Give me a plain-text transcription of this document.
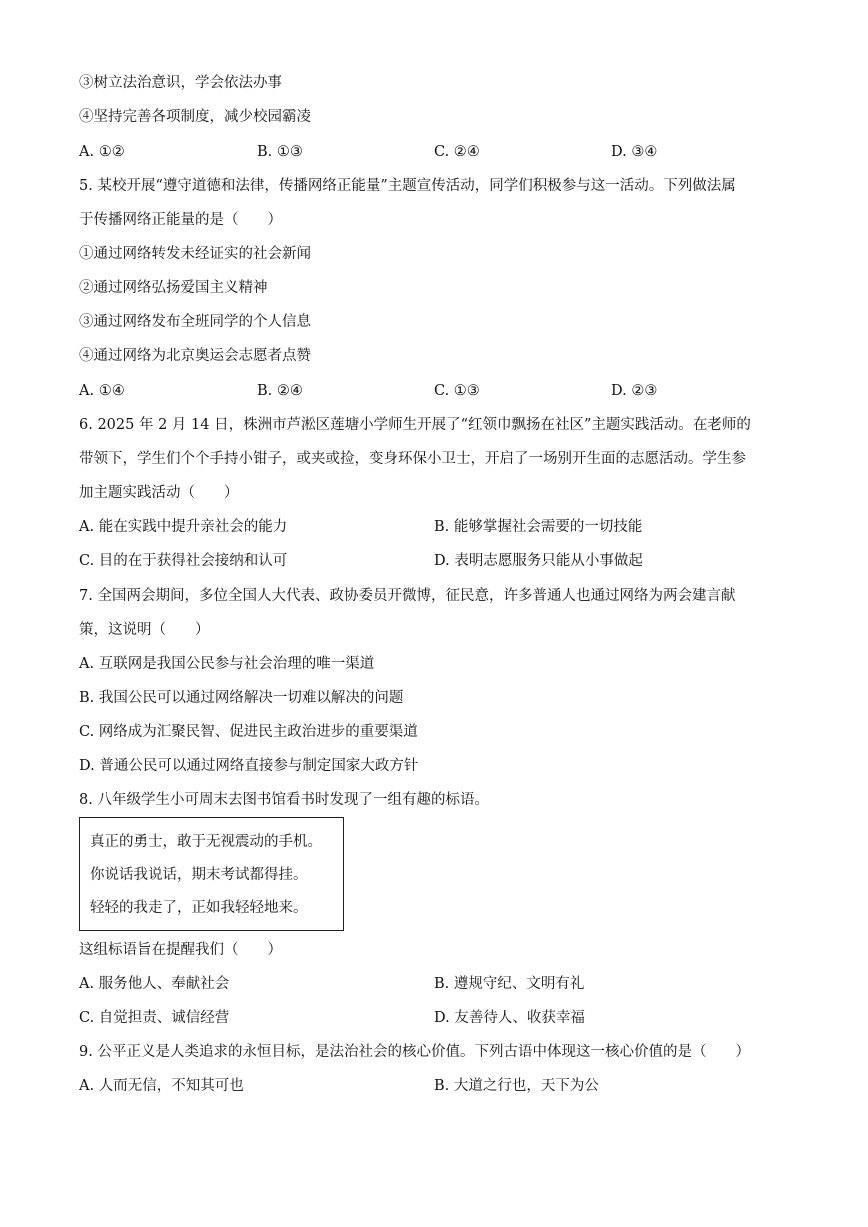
③树立法治意识，学会依法办事
④坚持完善各项制度，减少校园霸凌
A. ①②	B. ①③	C. ②④	D. ③④
5. 某校开展“遵守道德和法律，传播网络正能量”主题宣传活动，同学们积极参与这一活动。下列做法属
于传播网络正能量的是（　　）
①通过网络转发未经证实的社会新闻
②通过网络弘扬爱国主义精神
③通过网络发布全班同学的个人信息
④通过网络为北京奥运会志愿者点赞
A. ①④	B. ②④	C. ①③	D. ②③
6. 2025 年 2 月 14 日，株洲市芦淞区莲塘小学师生开展了“红领巾飘扬在社区”主题实践活动。在老师的
带领下，学生们个个手持小钳子，或夹或捡，变身环保小卫士，开启了一场别开生面的志愿活动。学生参
加主题实践活动（　　）
A. 能在实践中提升亲社会的能力	B. 能够掌握社会需要的一切技能
C. 目的在于获得社会接纳和认可	D. 表明志愿服务只能从小事做起
7. 全国两会期间，多位全国人大代表、政协委员开微博，征民意，许多普通人也通过网络为两会建言献
策，这说明（　　）
A. 互联网是我国公民参与社会治理的唯一渠道
B. 我国公民可以通过网络解决一切难以解决的问题
C. 网络成为汇聚民智、促进民主政治进步的重要渠道
D. 普通公民可以通过网络直接参与制定国家大政方针
8. 八年级学生小可周末去图书馆看书时发现了一组有趣的标语。
真正的勇士，敢于无视震动的手机。
你说话我说话，期末考试都得挂。
轻轻的我走了，正如我轻轻地来。
这组标语旨在提醒我们（　　）
A. 服务他人、奉献社会	B. 遵规守纪、文明有礼
C. 自觉担责、诚信经营	D. 友善待人、收获幸福
9. 公平正义是人类追求的永恒目标，是法治社会的核心价值。下列古语中体现这一核心价值的是（　　）
A. 人而无信，不知其可也	B. 大道之行也，天下为公
